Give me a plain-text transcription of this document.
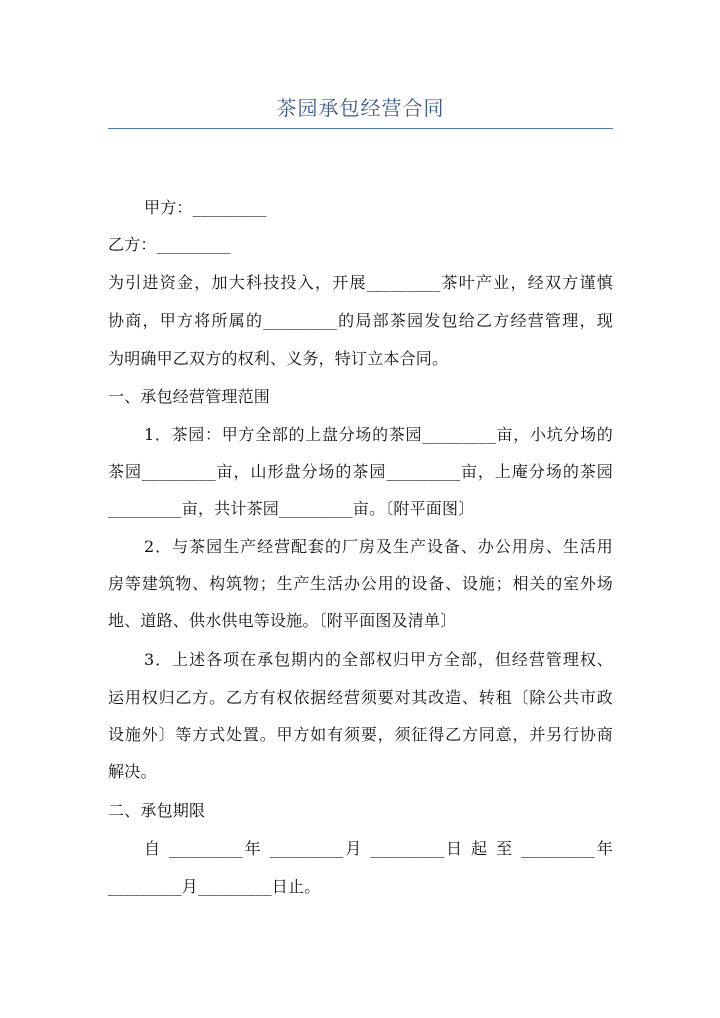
茶园承包经营合同
甲方：_________
乙方：_________
为引进资金，加大科技投入，开展_________茶叶产业，经双方谨慎
协商，甲方将所属的_________的局部茶园发包给乙方经营管理，现
为明确甲乙双方的权利、义务，特订立本合同。
一、承包经营管理范围
1．茶园：甲方全部的上盘分场的茶园_________亩，小坑分场的
茶园_________亩，山形盘分场的茶园_________亩，上庵分场的茶园
_________亩，共计茶园_________亩。〔附平面图〕
2．与茶园生产经营配套的厂房及生产设备、办公用房、生活用
房等建筑物、构筑物；生产生活办公用的设备、设施；相关的室外场
地、道路、供水供电等设施。〔附平面图及清单〕
3．上述各项在承包期内的全部权归甲方全部，但经营管理权、
运用权归乙方。乙方有权依据经营须要对其改造、转租〔除公共市政
设施外〕等方式处置。甲方如有须要，须征得乙方同意，并另行协商
解决。
二、承包期限
自 _________年 _________月 _________日 起 至 _________年
_________月_________日止。
